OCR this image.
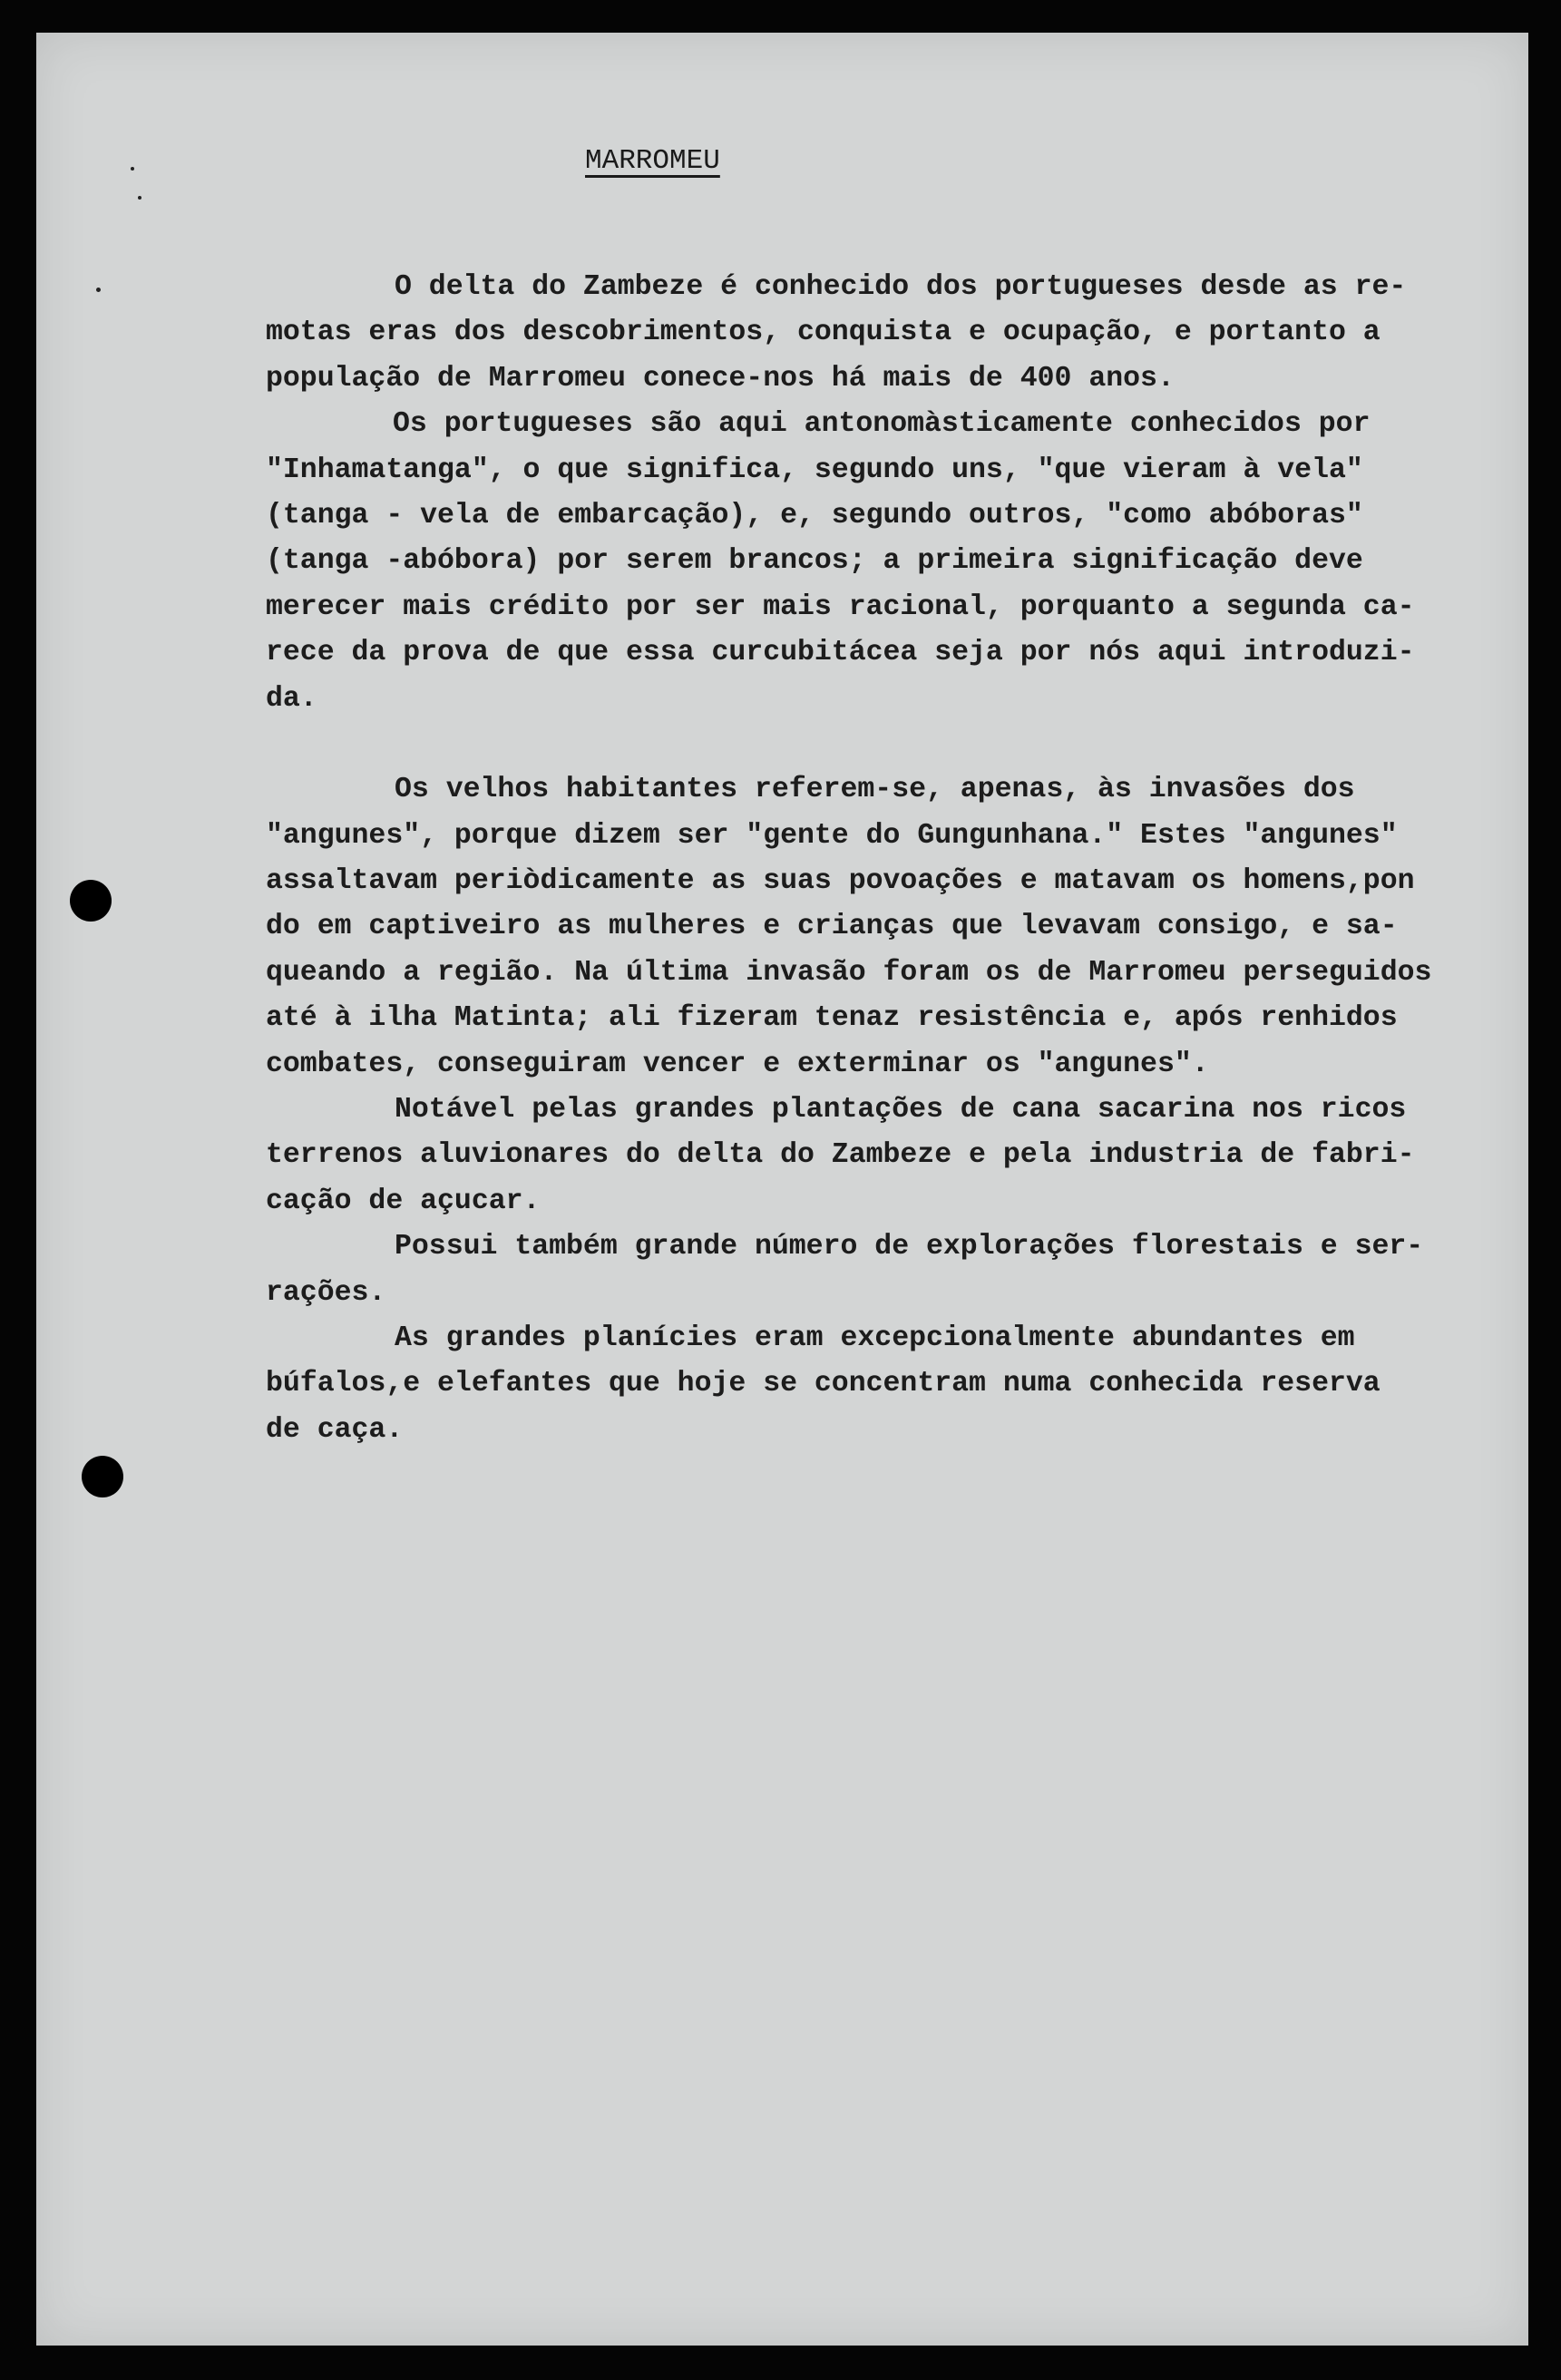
MARROMEU
O delta do Zambeze é conhecido dos portugueses desde as re-
motas eras dos descobrimentos, conquista e ocupação, e portanto a
população de Marromeu conece-nos há mais de 400 anos.
Os portugueses são aqui antonomàsticamente conhecidos por
"Inhamatanga", o que significa, segundo uns, "que vieram à vela"
(tanga - vela de embarcação), e, segundo outros, "como abóboras"
(tanga -abóbora) por serem brancos; a primeira significação deve
merecer mais crédito por ser mais racional, porquanto a segunda ca-
rece da prova de que essa curcubitácea seja por nós aqui introduzi-
da.
Os velhos habitantes referem-se, apenas, às invasões dos
"angunes", porque dizem ser "gente do Gungunhana." Estes "angunes"
assaltavam periòdicamente as suas povoações e matavam os homens,pon
do em captiveiro as mulheres e crianças que levavam consigo, e sa-
queando a região. Na última invasão foram os de Marromeu perseguidos
até à ilha Matinta; ali fizeram tenaz resistência e, após renhidos
combates, conseguiram vencer e exterminar os "angunes".
Notável pelas grandes plantações de cana sacarina nos ricos
terrenos aluvionares do delta do Zambeze e pela industria de fabri-
cação de açucar.
Possui também grande número de explorações florestais e ser-
rações.
As grandes planícies eram excepcionalmente abundantes em
búfalos,e elefantes que hoje se concentram numa conhecida reserva
de caça.
